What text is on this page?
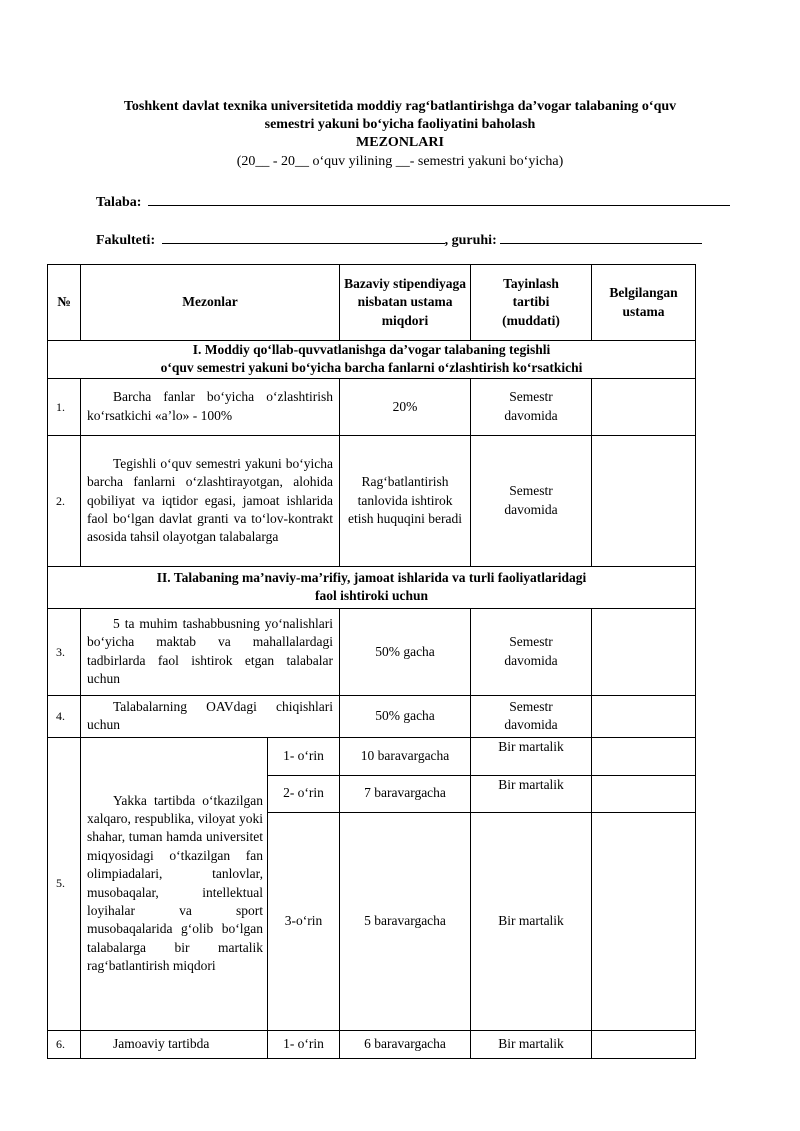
Toshkent davlat texnika universitetida moddiy rag‘batlantirishga da’vogar talabaning o‘quv
semestri yakuni bo‘yicha faoliyatini baholash
MEZONLARI
(20__ - 20__ o‘quv yilining __- semestri yakuni bo‘yicha)
Talaba:
Fakulteti:	, guruhi:
№	Mezonlar		Bazaviy stipendiyaga nisbatan ustama miqdori	Tayinlash tartibi (muddati)	Belgilangan ustama

I. Moddiy qo‘llab-quvvatlanishga da’vogar talabaning tegishli
o‘quv semestri yakuni bo‘yicha barcha fanlarni o‘zlashtirish ko‘rsatkichi					

1.	Barcha fanlar bo‘yicha o‘zlashtirish ko‘rsatkichi «a’lo» - 100%		20%	Semestr davomida	
2.	Tegishli o‘quv semestri yakuni bo‘yicha barcha fanlarni o‘zlashtirayotgan, alohida qobiliyat va iqtidor egasi, jamoat ishlarida faol bo‘lgan davlat granti va to‘lov-kontrakt asosida tahsil olayotgan talabalarga		Rag‘batlantirish tanlovida ishtirok etish huquqini beradi	Semestr davomida	

II. Talabaning ma’naviy-ma’rifiy, jamoat ishlarida va turli faoliyatlaridagi
faol ishtiroki uchun					

3.	5 ta muhim tashabbusning yo‘nalishlari bo‘yicha maktab va mahallalardagi tadbirlarda faol ishtirok etgan talabalar uchun		50% gacha	Semestr davomida	
4.	Talabalarning OAVdagi chiqishlari uchun		50% gacha	Semestr davomida	
5.	Yakka tartibda o‘tkazilgan xalqaro, respublika, viloyat yoki shahar, tuman hamda universitet miqyosidagi o‘tkazilgan fan olimpiadalari, tanlovlar, musobaqalar, intellektual loyihalar va sport musobaqalarida g‘olib bo‘lgan talabalarga bir martalik rag‘batlantirish miqdori	1- o‘rin	10 baravargacha	Bir martalik	
		2- o‘rin	7 baravargacha	Bir martalik	
		3-o‘rin	5 baravargacha	Bir martalik	
6.	Jamoaviy tartibda	1- o‘rin	6 baravargacha	Bir martalik	
